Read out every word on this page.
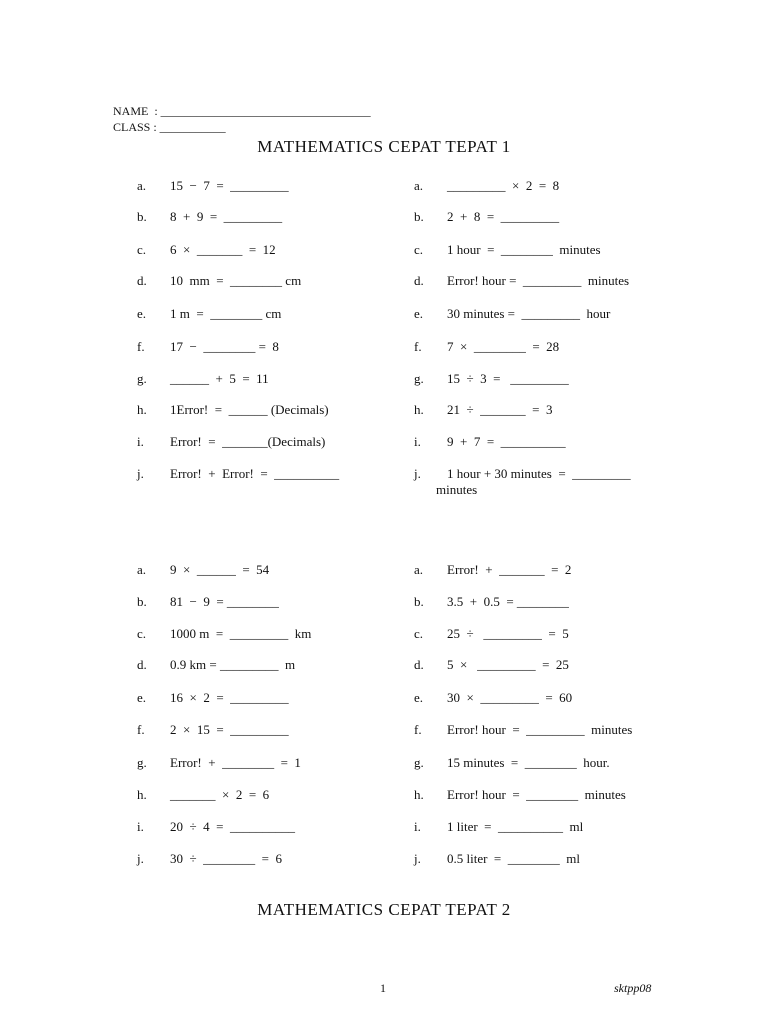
NAME  : ___________________________________
CLASS : ___________
MATHEMATICS CEPAT TEPAT 1
a.	15  −  7  =  _________
b.	8  +  9  =  _________
c.	6  ×  _______  =  12
d.	10  mm  =  ________ cm
e.	1 m  =  ________ cm
f.	17  −  ________ =  8
g.	______  +  5  =  11
h.	1Error!  =  ______ (Decimals)
i.	Error!  =  _______(Decimals)
j.	Error!  +  Error!  =  __________
a.	_________  ×  2  =  8
b.	2  +  8  =  _________
c.	1 hour  =  ________  minutes
d.	Error! hour =  _________  minutes
e.	30 minutes =  _________  hour
f.	7  ×  ________  =  28
g.	15  ÷  3  =   _________
h.	21  ÷  _______  =  3
i.	9  +  7  =  __________
j.	1 hour + 30 minutes  =  _________
minutes
a.	9  ×  ______  =  54
b.	81  −  9  = ________
c.	1000 m  =  _________  km
d.	0.9 km = _________  m
e.	16  ×  2  =  _________
f.	2  ×  15  =  _________
g.	Error!  +  ________  =  1
h.	_______  ×  2  =  6
i.	20  ÷  4  =  __________
j.	30  ÷  ________  =  6
a.	Error!  +  _______  =  2
b.	3.5  +  0.5  = ________
c.	25  ÷   _________  =  5
d.	5  ×   _________  =  25
e.	30  ×  _________  =  60
f.	Error! hour  =  _________  minutes
g.	15 minutes  =  ________  hour.
h.	Error! hour  =  ________  minutes
i.	1 liter  =  __________  ml
j.	0.5 liter  =  ________  ml
MATHEMATICS CEPAT TEPAT 2
1	sktpp08
